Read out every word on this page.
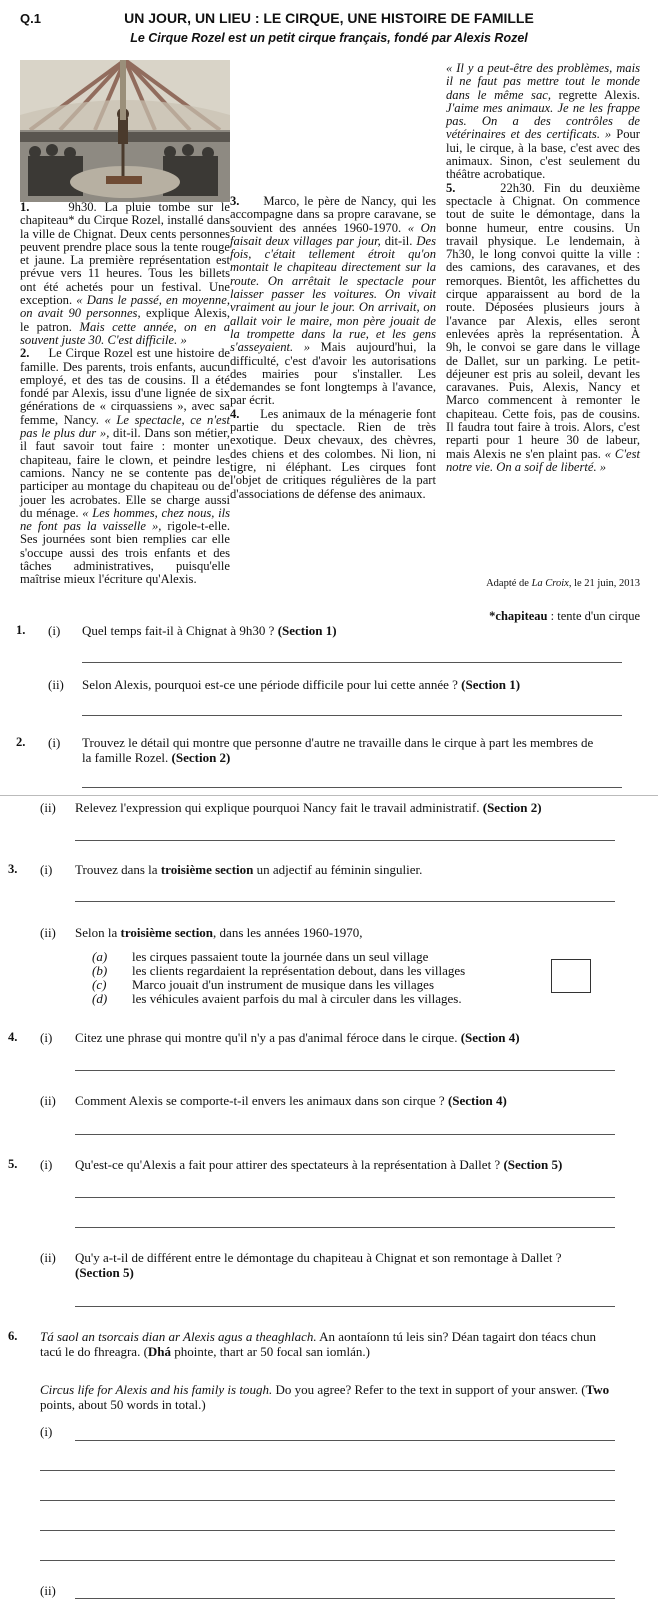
Q.1	UN JOUR, UN LIEU : LE CIRQUE, UNE HISTOIRE DE FAMILLE
Le Cirque Rozel est un petit cirque français, fondé par Alexis Rozel

1.	9h30. La pluie tombe sur le chapiteau* du Cirque Rozel, installé dans la ville de Chignat. Deux cents personnes peuvent prendre place sous la tente rouge et jaune. La première représentation est prévue vers 11 heures. Tous les billets ont été achetés pour un festival. Une exception. « Dans le passé, en moyenne, on avait 90 personnes, explique Alexis, le patron. Mais cette année, on en a souvent juste 30. C'est difficile. »

2. Le Cirque Rozel est une histoire de famille. Des parents, trois enfants, aucun employé, et des tas de cousins. Il a été fondé par Alexis, issu d'une lignée de six générations de « cirquassiens », avec sa femme, Nancy. « Le spectacle, ce n'est pas le plus dur », dit-il. Dans son métier, il faut savoir tout faire : monter un chapiteau, faire le clown, et peindre les camions. Nancy ne se contente pas de participer au montage du chapiteau ou de jouer les acrobates. Elle se charge aussi du ménage. « Les hommes, chez nous, ils ne font pas la vaisselle », rigole-t-elle. Ses journées sont bien remplies car elle s'occupe aussi des trois enfants et des tâches administratives, puisqu'elle maîtrise mieux l'écriture qu'Alexis.

3. Marco, le père de Nancy, qui les accompagne dans sa propre caravane, se souvient des années 1960-1970. « On faisait deux villages par jour, dit-il. Des fois, c'était tellement étroit qu'on montait le chapiteau directement sur la route. On arrêtait le spectacle pour laisser passer les voitures. On vivait vraiment au jour le jour. On arrivait, on allait voir le maire, mon père jouait de la trompette dans la rue, et les gens s'asseyaient. » Mais aujourd'hui, la difficulté, c'est d'avoir les autorisations des mairies pour s'installer. Les demandes se font longtemps à l'avance, par écrit.

4. Les animaux de la ménagerie font partie du spectacle. Rien de très exotique. Deux chevaux, des chèvres, des chiens et des colombes. Ni lion, ni tigre, ni éléphant. Les cirques font l'objet de critiques régulières de la part d'associations de défense des animaux.

« Il y a peut-être des problèmes, mais il ne faut pas mettre tout le monde dans le même sac, regrette Alexis. J'aime mes animaux. Je ne les frappe pas. On a des contrôles de vétérinaires et des certificats. » Pour lui, le cirque, à la base, c'est avec des animaux. Sinon, c'est seulement du théâtre acrobatique.

5.	22h30. Fin du deuxième spectacle à Chignat. On commence tout de suite le démontage, dans la bonne humeur, entre cousins. Un travail physique. Le lendemain, à 7h30, le long convoi quitte la ville : des camions, des caravanes, et des remorques. Bientôt, les affichettes du cirque apparaissent au bord de la route. Déposées plusieurs jours à l'avance par Alexis, elles seront enlevées après la représentation. À 9h, le convoi se gare dans le village de Dallet, sur un parking. Le petit-déjeuner est pris au soleil, devant les caravanes. Puis, Alexis, Nancy et Marco commencent à remonter le chapiteau. Cette fois, pas de cousins. Il faudra tout faire à trois. Alors, c'est reparti pour 1 heure 30 de labeur, mais Alexis ne s'en plaint pas. « C'est notre vie. On a soif de liberté. »

Adapté de La Croix, le 21 juin, 2013
*chapiteau : tente d'un cirque
1. (i) Quel temps fait-il à Chignat à 9h30 ? (Section 1)
(ii) Selon Alexis, pourquoi est-ce une période difficile pour lui cette année ? (Section 1)
2. (i) Trouvez le détail qui montre que personne d'autre ne travaille dans le cirque à part les membres de la famille Rozel. (Section 2)
(ii) Relevez l'expression qui explique pourquoi Nancy fait le travail administratif. (Section 2)
3. (i) Trouvez dans la troisième section un adjectif au féminin singulier.
(ii) Selon la troisième section, dans les années 1960-1970,
(a) les cirques passaient toute la journée dans un seul village
(b) les clients regardaient la représentation debout, dans les villages
(c) Marco jouait d'un instrument de musique dans les villages
(d) les véhicules avaient parfois du mal à circuler dans les villages.
4. (i) Citez une phrase qui montre qu'il n'y a pas d'animal féroce dans le cirque. (Section 4)
(ii) Comment Alexis se comporte-t-il envers les animaux dans son cirque ? (Section 4)
5. (i) Qu'est-ce qu'Alexis a fait pour attirer des spectateurs à la représentation à Dallet ? (Section 5)
(ii) Qu'y a-t-il de différent entre le démontage du chapiteau à Chignat et son remontage à Dallet ?
(Section 5)
6. Tá saol an tsorcais dian ar Alexis agus a theaghlach. An aontaíonn tú leis sin? Déan tagairt don téacs chun tacú le do fhreagra. (Dhá phointe, thart ar 50 focal san iomlán.)
Circus life for Alexis and his family is tough. Do you agree? Refer to the text in support of your answer. (Two points, about 50 words in total.)
(i)
(ii)
